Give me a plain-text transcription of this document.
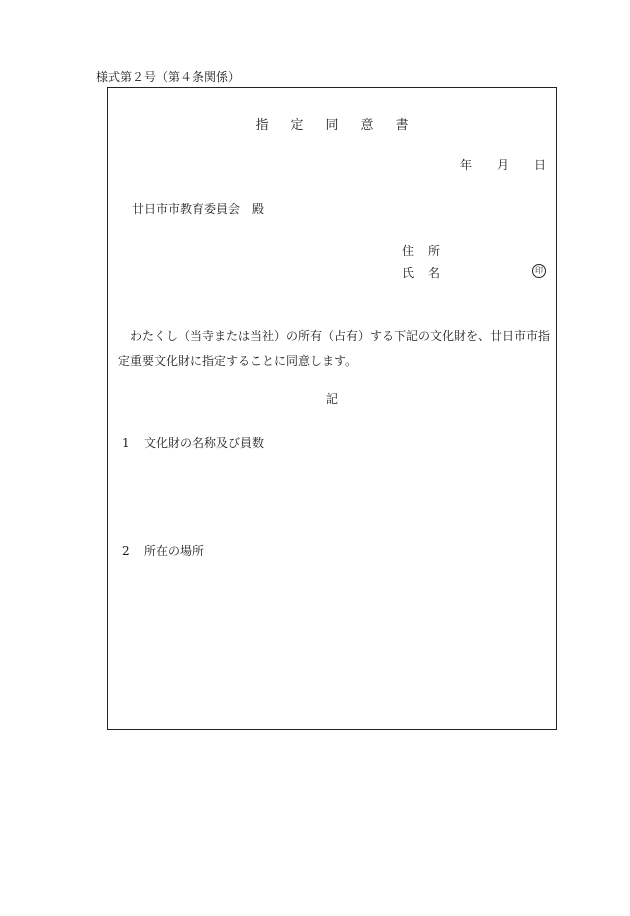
様式第２号（第４条関係）
指定同意書
年 月 日
廿日市市教育委員会　殿
住 所
氏 名	印
わたくし（当寺または当社）の所有（占有）する下記の文化財を、廿日市市指定重要文化財に指定することに同意します。
記
1 文化財の名称及び員数
2 所在の場所
